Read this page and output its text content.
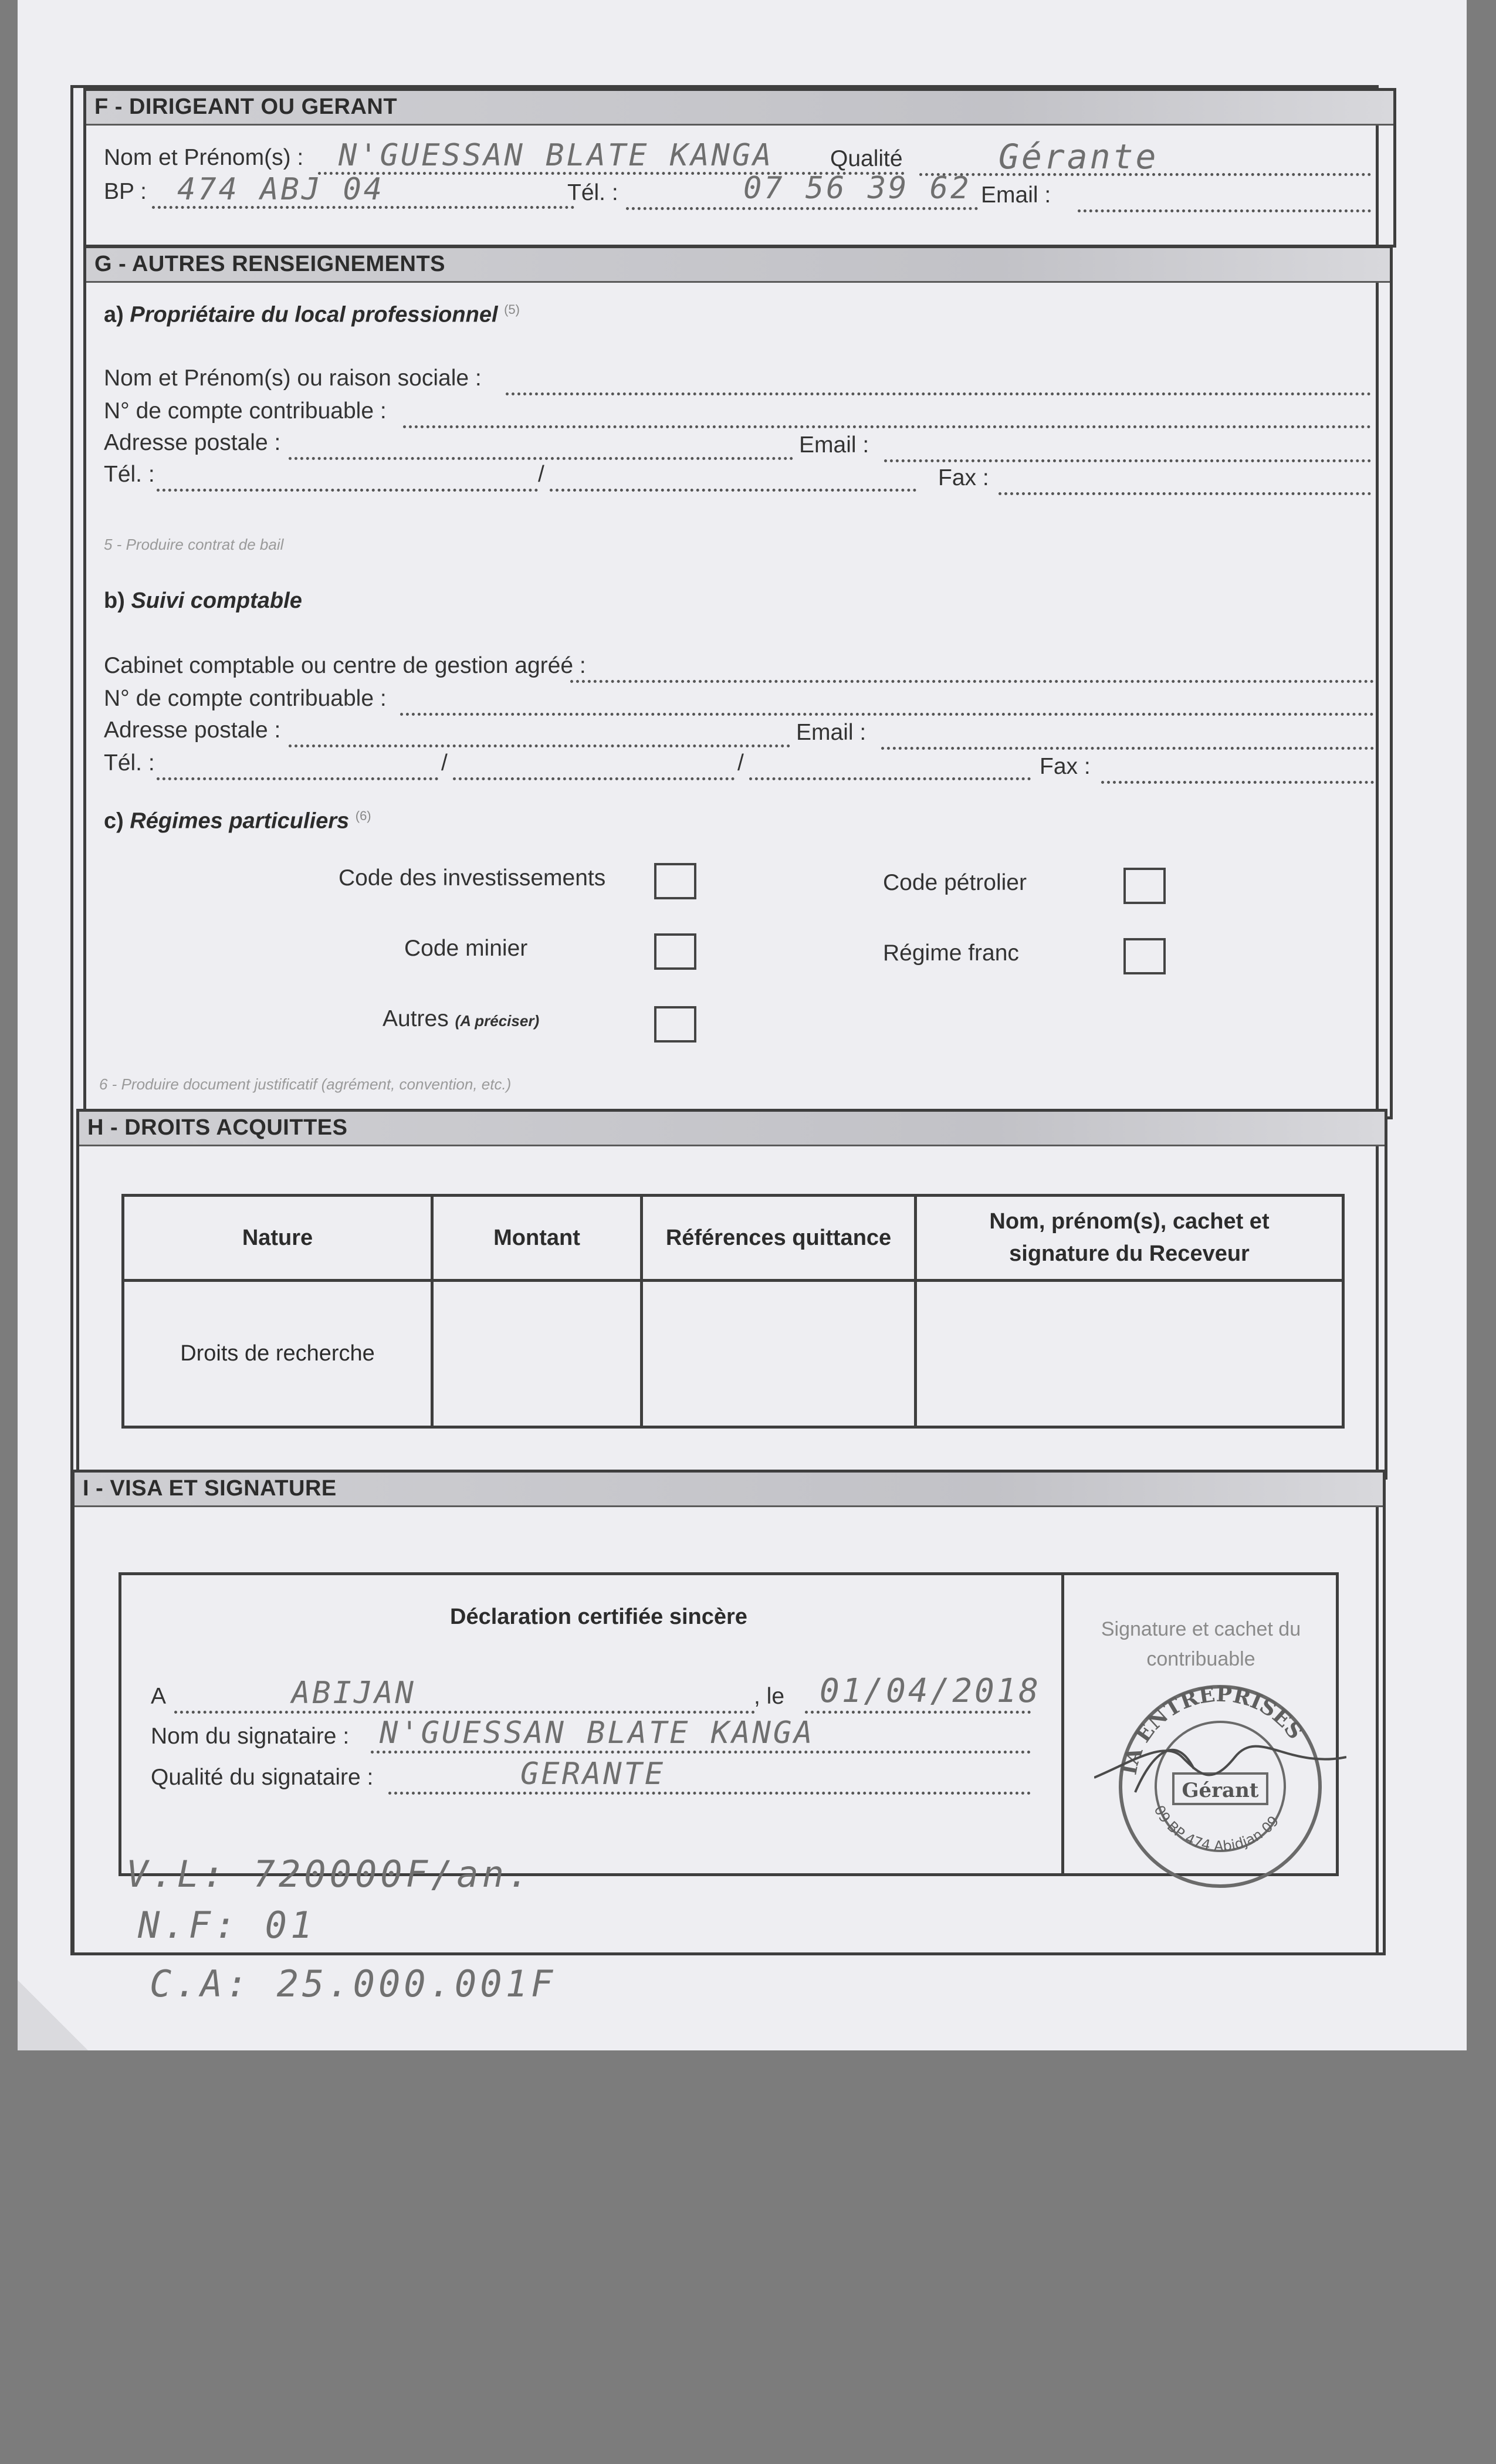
F - DIRIGEANT OU GERANT
Nom et Prénom(s) : N'GUESSAN BLATE KANGA Qualité	Gérante
BP : 474 ABJ 04	Tél. :	07 56 39 62 Email :
G - AUTRES RENSEIGNEMENTS
a) Propriétaire du local professionnel $^{(5)}$
Nom et Prénom(s) ou raison sociale :
N° de compte contribuable :
Adresse postale :	Email :
Tél. :	/	Fax :
5 - Produire contrat de bail
b) Suivi comptable
Cabinet comptable ou centre de gestion agréé :
N° de compte contribuable :
Adresse postale :	Email :
Tél. :	/	/	Fax :
c) Régimes particuliers $^{(6)}$
Code des investissements	Code pétrolier
Code minier	Régime franc
Autres (A préciser)
6 - Produire document justificatif (agrément, convention, etc.)
H - DROITS ACQUITTES
Nature	Montant	Références quittance	Nom, prénom(s), cachet et signature du Receveur
Droits de recherche			
I - VISA ET SIGNATURE
Déclaration certifiée sincère
A	ABIJAN	, le 01/04/2018
Nom du signataire : N'GUESSAN BLATE KANGA
Qualité du signataire :	GERANTE
Signature et cachet du contribuable
IA ENTREPRISES
09 BP 474 Abidjan 09
Gérant
V.L: 720000F/an.
N.F: 01
C.A: 25.000.001F
